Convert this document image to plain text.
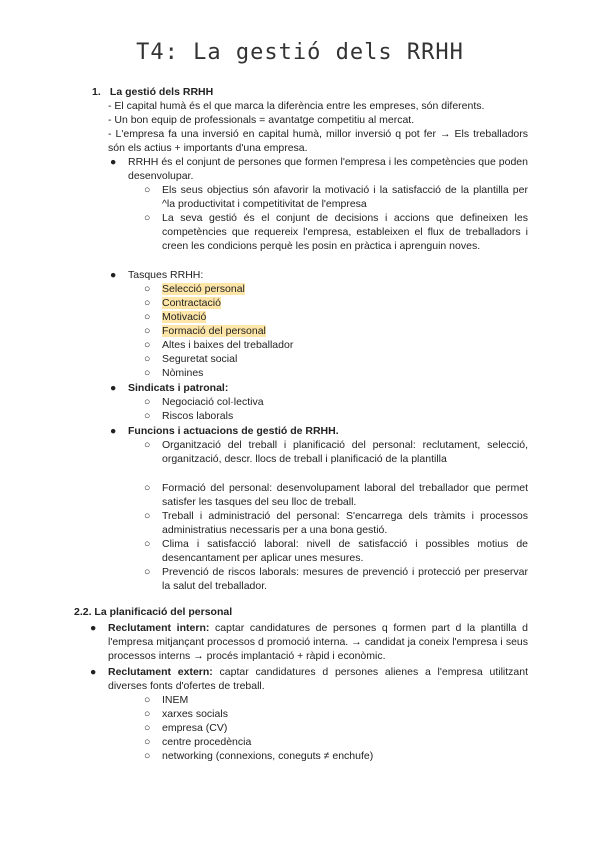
T4: La gestió dels RRHH
1. La gestió dels RRHH
- El capital humà és el que marca la diferència entre les empreses, són diferents.
- Un bon equip de professionals = avantatge competitiu al mercat.
- L'empresa fa una inversió en capital humà, millor inversió q pot fer → Els treballadors són els actius + importants d'una empresa.
● RRHH és el conjunt de persones que formen l'empresa i les competències que poden desenvolupar.
○ Els seus objectius són afavorir la motivació i la satisfacció de la plantilla per ^la productivitat i competitivitat de l'empresa
○ La seva gestió és el conjunt de decisions i accions que defineixen les competències que requereix l'empresa, estableixen el flux de treballadors i creen les condicions perquè les posin en pràctica i aprenguin noves.
● Tasques RRHH:
○ Selecció personal
○ Contractació
○ Motivació
○ Formació del personal
○ Altes i baixes del treballador
○ Seguretat social
○ Nòmines
● Sindicats i patronal:
○ Negociació col·lectiva
○ Riscos laborals
● Funcions i actuacions de gestió de RRHH.
○ Organització del treball i planificació del personal: reclutament, selecció, organització, descr. llocs de treball i planificació de la plantilla
○ Formació del personal: desenvolupament laboral del treballador que permet satisfer les tasques del seu lloc de treball.
○ Treball i administració del personal: S'encarrega dels tràmits i processos administratius necessaris per a una bona gestió.
○ Clima i satisfacció laboral: nivell de satisfacció i possibles motius de desencantament per aplicar unes mesures.
○ Prevenció de riscos laborals: mesures de prevenció i protecció per preservar la salut del treballador.
2.2. La planificació del personal
● Reclutament intern: captar candidatures de persones q formen part d la plantilla d l'empresa mitjançant processos d promoció interna. → candidat ja coneix l'empresa i seus processos interns → procés implantació + ràpid i econòmic.
● Reclutament extern: captar candidatures d persones alienes a l'empresa utilitzant diverses fonts d'ofertes de treball.
○ INEM
○ xarxes socials
○ empresa (CV)
○ centre procedència
○ networking (connexions, coneguts ≠ enchufe)
